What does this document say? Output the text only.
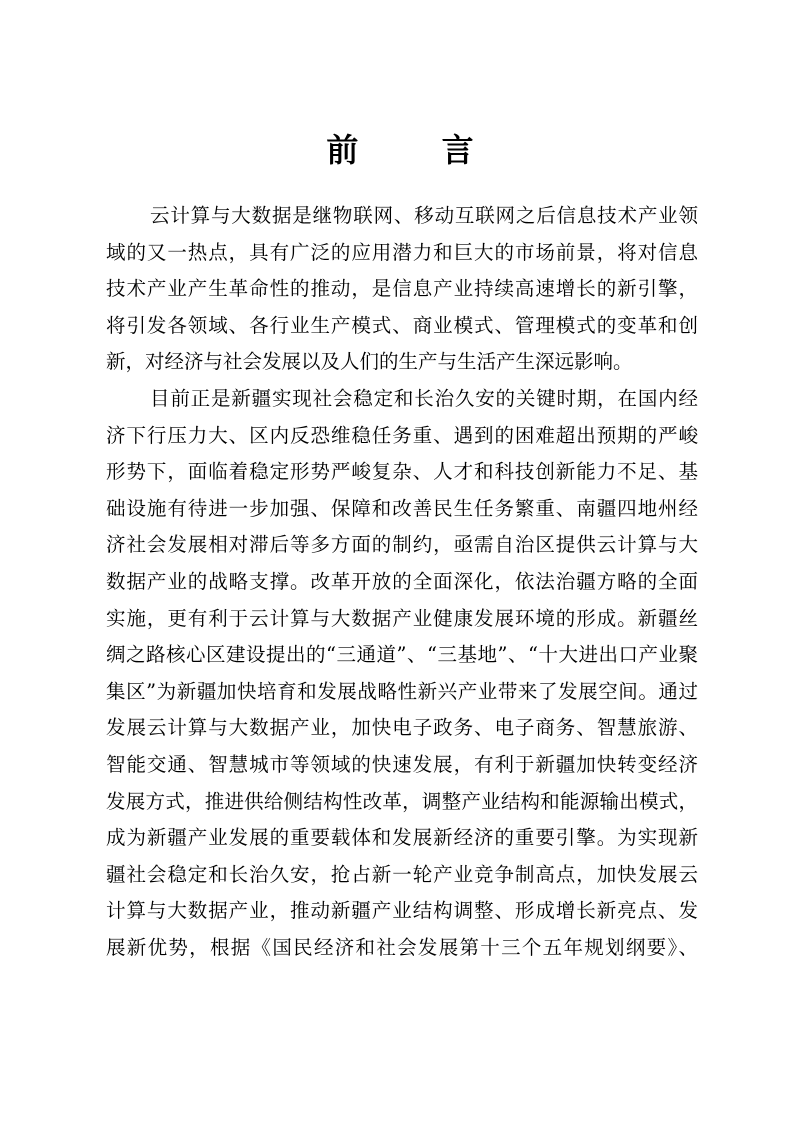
前 言
云计算与大数据是继物联网、移动互联网之后信息技术产业领
域的又一热点，具有广泛的应用潜力和巨大的市场前景，将对信息
技术产业产生革命性的推动，是信息产业持续高速增长的新引擎，
将引发各领域、各行业生产模式、商业模式、管理模式的变革和创
新，对经济与社会发展以及人们的生产与生活产生深远影响。
目前正是新疆实现社会稳定和长治久安的关键时期，在国内经
济下行压力大、区内反恐维稳任务重、遇到的困难超出预期的严峻
形势下，面临着稳定形势严峻复杂、人才和科技创新能力不足、基
础设施有待进一步加强、保障和改善民生任务繁重、南疆四地州经
济社会发展相对滞后等多方面的制约，亟需自治区提供云计算与大
数据产业的战略支撑。改革开放的全面深化，依法治疆方略的全面
实施，更有利于云计算与大数据产业健康发展环境的形成。新疆丝
绸之路核心区建设提出的“三通道”、“三基地”、“十大进出口产业聚
集区”为新疆加快培育和发展战略性新兴产业带来了发展空间。通过
发展云计算与大数据产业，加快电子政务、电子商务、智慧旅游、
智能交通、智慧城市等领域的快速发展，有利于新疆加快转变经济
发展方式，推进供给侧结构性改革，调整产业结构和能源输出模式，
成为新疆产业发展的重要载体和发展新经济的重要引擎。为实现新
疆社会稳定和长治久安，抢占新一轮产业竞争制高点，加快发展云
计算与大数据产业，推动新疆产业结构调整、形成增长新亮点、发
展新优势，根据《国民经济和社会发展第十三个五年规划纲要》、
